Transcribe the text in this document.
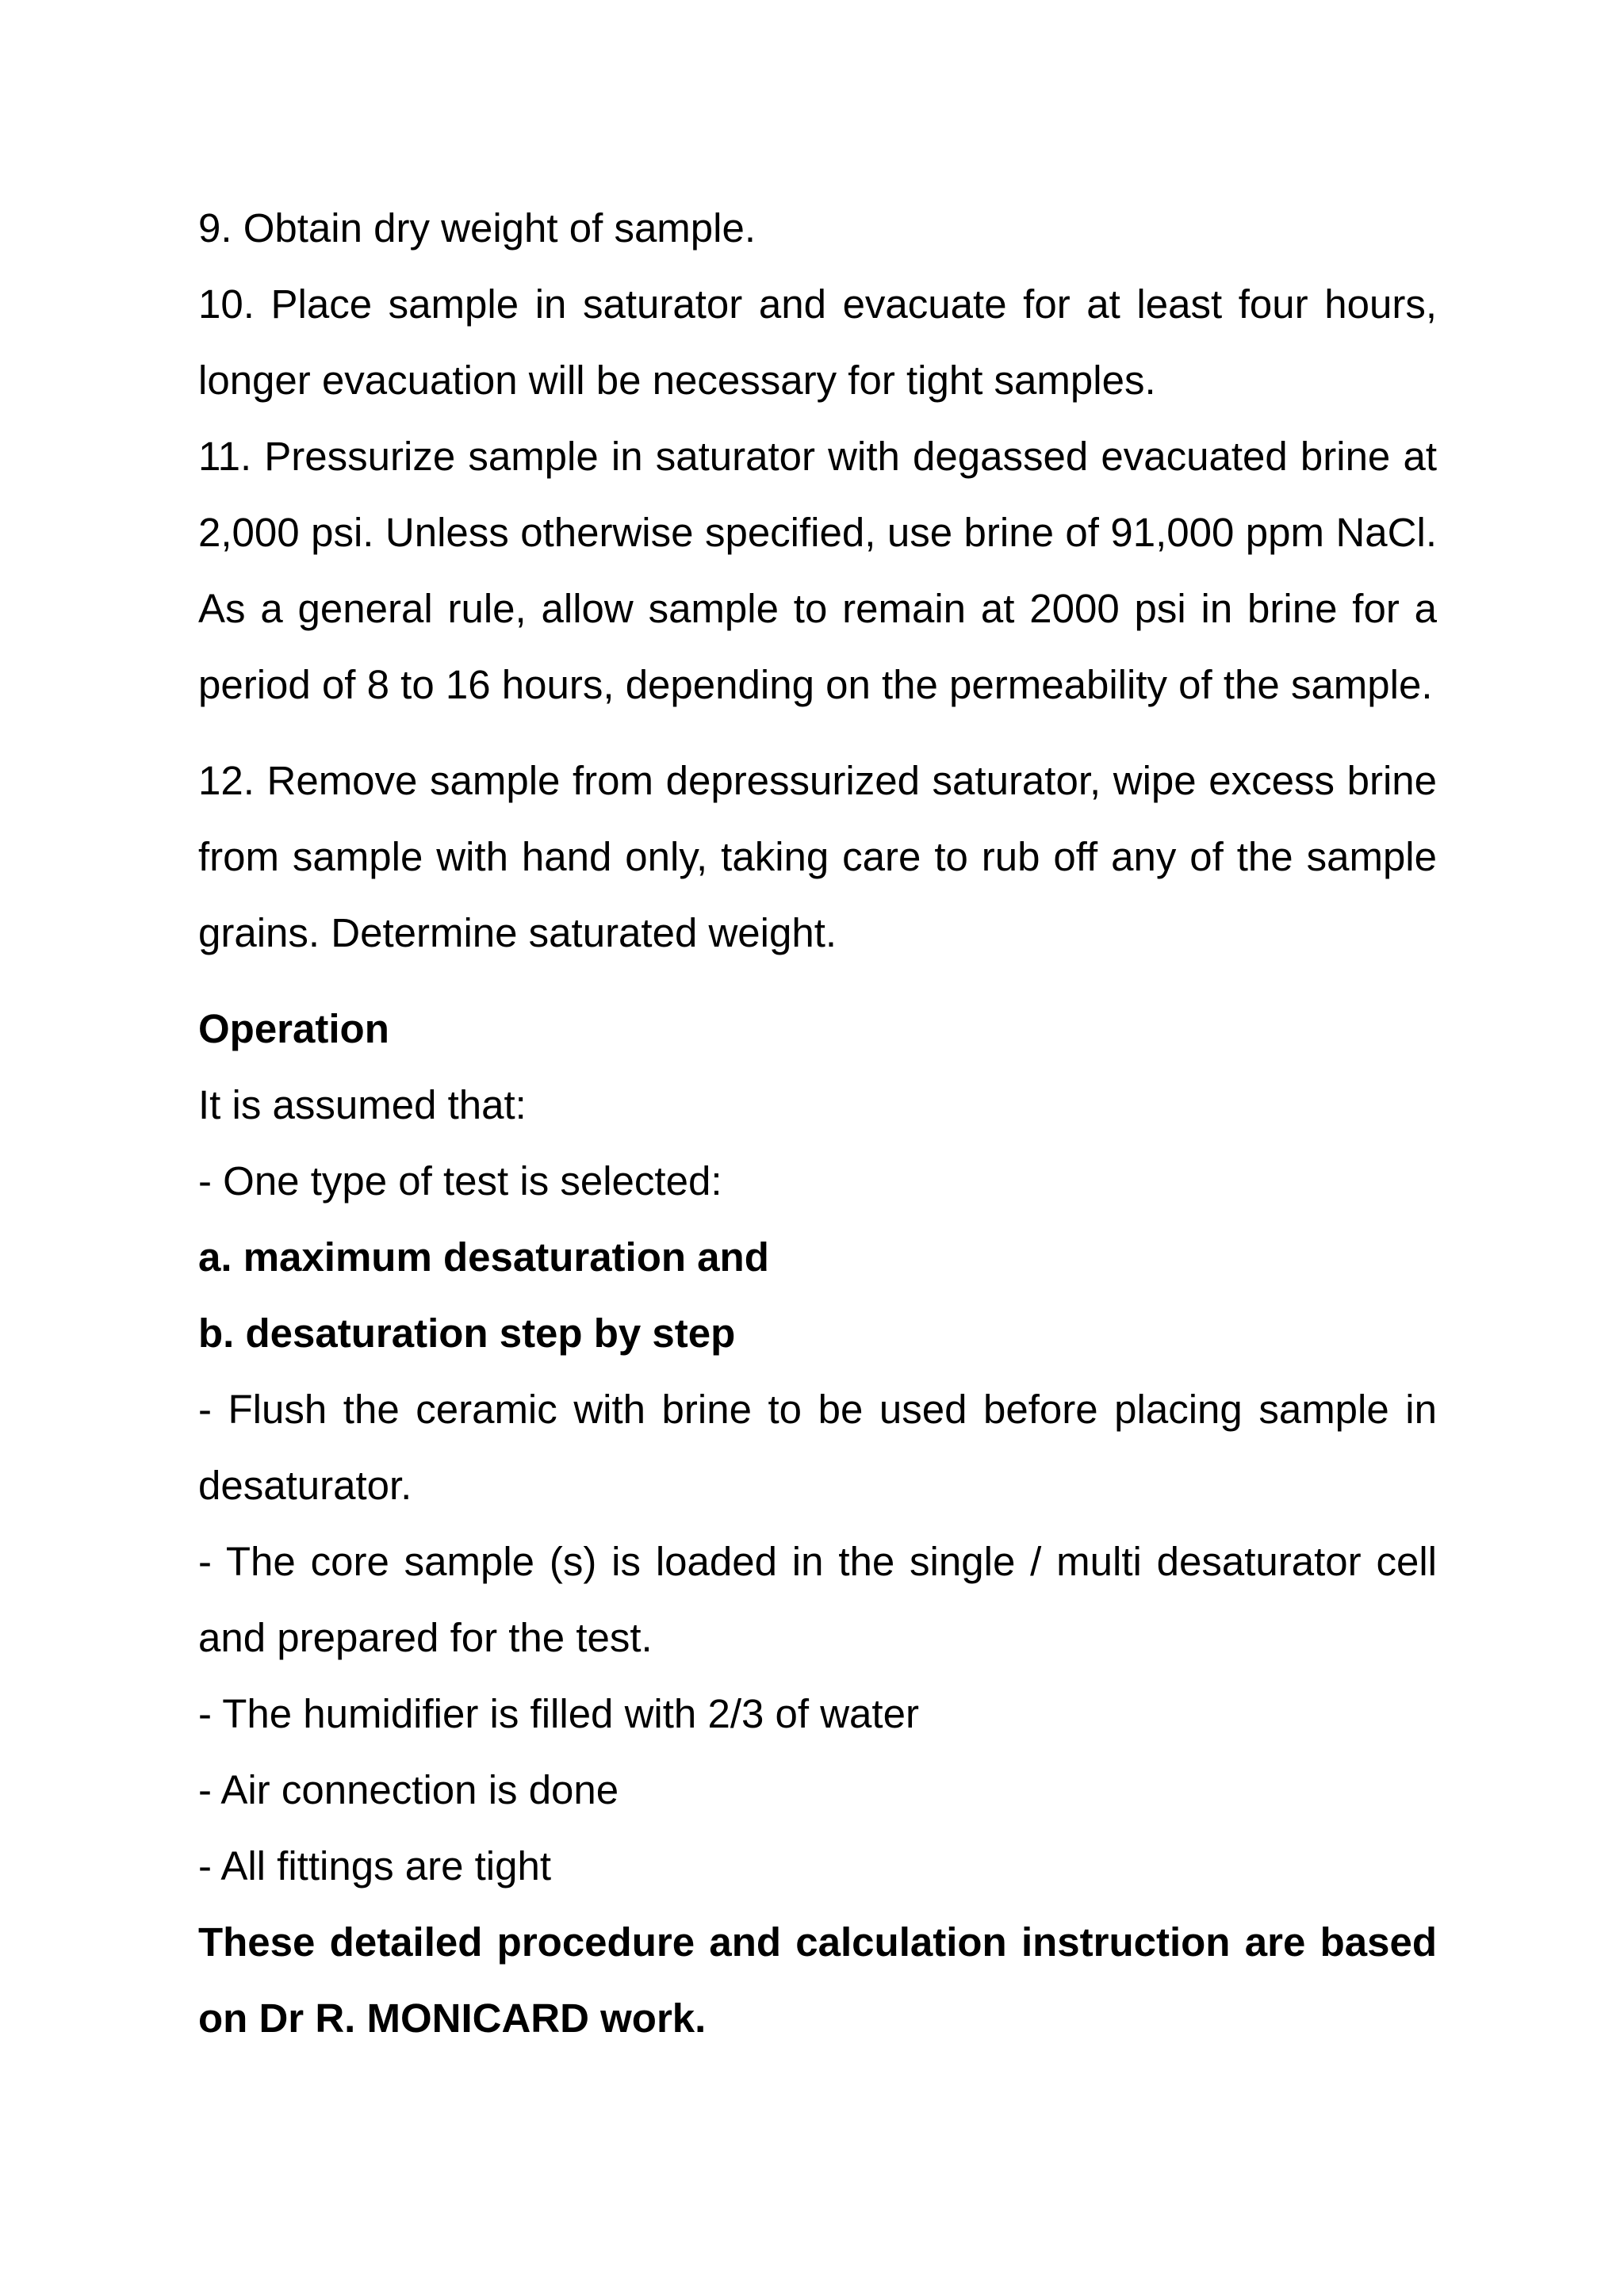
9. Obtain dry weight of sample.

10. Place sample in saturator and evacuate for at least four hours, longer evacuation will be necessary for tight samples.

11. Pressurize sample in saturator with degassed evacuated brine at 2,000 psi. Unless otherwise specified, use brine of 91,000 ppm NaCl. As a general rule, allow sample to remain at 2000 psi in brine for a period of 8 to 16 hours, depending on the permeability of the sample.

12. Remove sample from depressurized saturator, wipe excess brine from sample with hand only, taking care to rub off any of the sample grains. Determine saturated weight.

Operation

It is assumed that:

- One type of test is selected:

a. maximum desaturation and

b. desaturation step by step

- Flush the ceramic with brine to be used before placing sample in desaturator.

- The core sample (s) is loaded in the single / multi desaturator cell and prepared for the test.

- The humidifier is filled with 2/3 of water

- Air connection is done

- All fittings are tight

These detailed procedure and calculation instruction are based on Dr R. MONICARD work.
